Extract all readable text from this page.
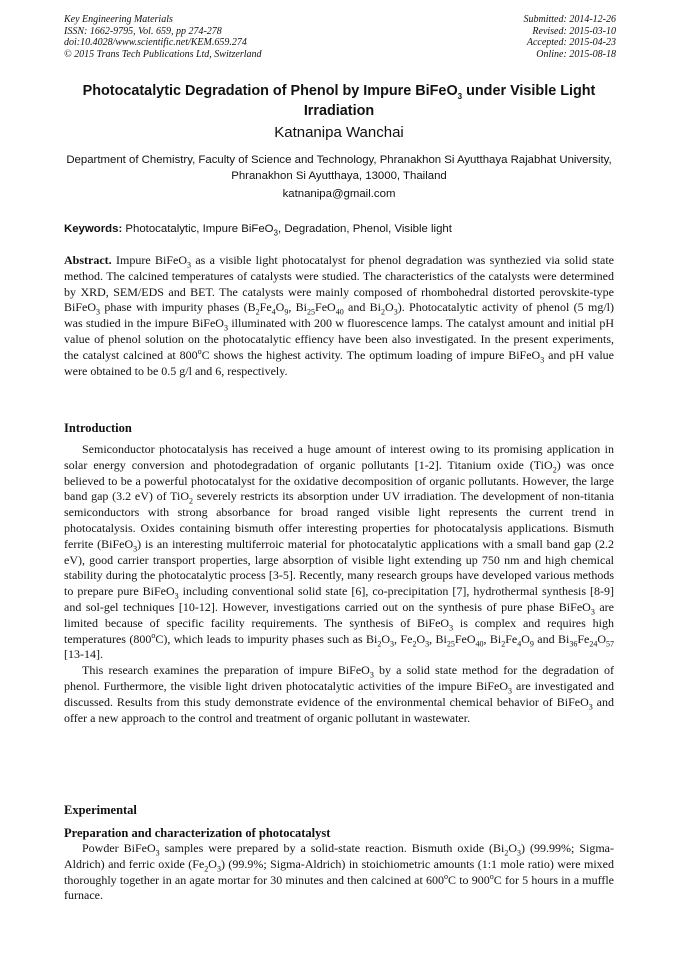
Key Engineering Materials
ISSN: 1662-9795, Vol. 659, pp 274-278
doi:10.4028/www.scientific.net/KEM.659.274
© 2015 Trans Tech Publications Ltd, Switzerland
Submitted: 2014-12-26
Revised: 2015-03-10
Accepted: 2015-04-23
Online: 2015-08-18
Photocatalytic Degradation of Phenol by Impure BiFeO$_3$ under Visible Light Irradiation
Katnanipa Wanchai
Department of Chemistry, Faculty of Science and Technology, Phranakhon Si Ayutthaya Rajabhat University, Phranakhon Si Ayutthaya, 13000, Thailand
katnanipa@gmail.com
Keywords: Photocatalytic, Impure BiFeO$_3$, Degradation, Phenol, Visible light

Abstract. Impure BiFeO$_3$ as a visible light photocatalyst for phenol degradation was synthezied via solid state method. The calcined temperatures of catalysts were studied. The characteristics of the catalysts were determined by XRD, SEM/EDS and BET. The catalysts were mainly composed of rhombohedral distorted perovskite-type BiFeO$_3$ phase with impurity phases ($B_2Fe_4O_9$, $Bi_{25}FeO_{40}$ and $Bi_2O_3$). Photocatalytic activity of phenol (5 mg/l) was studied in the impure BiFeO$_3$ illuminated with 200 w fluorescence lamps. The catalyst amount and initial pH value of phenol solution on the photocatalytic effiency have been also investigated. In the present experiments, the catalyst calcined at 800$^o$C shows the highest activity. The optimum loading of impure BiFeO$_3$ and pH value were obtained to be 0.5 g/l and 6, respectively.

Introduction

Semiconductor photocatalysis has received a huge amount of interest owing to its promising application in solar energy conversion and photodegradation of organic pollutants [1-2]. Titanium oxide (TiO$_2$) was once believed to be a powerful photocatalyst for the oxidative decomposition of organic pollutants. However, the large band gap (3.2 eV) of TiO$_2$ severely restricts its absorption under UV irradiation. The development of non-titania semiconductors with strong absorbance for broad ranged visible light represents the current trend in photocatalysis. Oxides containing bismuth offer interesting properties for photocatalysis applications. Bismuth ferrite (BiFeO$_3$) is an interesting multiferroic material for photocatalytic applications with a small band gap (2.2 eV), good carrier transport properties, large absorption of visible light extending up 750 nm and high chemical stability during the photocatalytic process [3-5]. Recently, many research groups have developed various methods to prepare pure BiFeO$_3$ including conventional solid state [6], co-precipitation [7], hydrothermal synthesis [8-9] and sol-gel techniques [10-12]. However, investigations carried out on the synthesis of pure phase BiFeO$_3$ are limited because of specific facility requirements. The synthesis of BiFeO$_3$ is complex and requires high temperatures (800$^o$C), which leads to impurity phases such as $Bi_2O_3$, $Fe_2O_3$, $Bi_{25}FeO_{40}$, $Bi_2Fe_4O_9$ and $Bi_{36}Fe_{24}O_{57}$ [13-14].

This research examines the preparation of impure BiFeO$_3$ by a solid state method for the degradation of phenol. Furthermore, the visible light driven photocatalytic activities of the impure BiFeO$_3$ are investigated and discussed. Results from this study demonstrate evidence of the environmental chemical behavior of BiFeO$_3$ and offer a new approach to the control and treatment of organic pollutant in wastewater.

Experimental
Preparation and characterization of photocatalyst

Powder BiFeO$_3$ samples were prepared by a solid-state reaction. Bismuth oxide $(Bi_2O_3)$ (99.99%; Sigma-Aldrich) and ferric oxide $(Fe_2O_3)$ (99.9%; Sigma-Aldrich) in stoichiometric amounts (1:1 mole ratio) were mixed thoroughly together in an agate mortar for 30 minutes and then calcined at 600$^o$C to 900$^o$C for 5 hours in a muffle furnace.
